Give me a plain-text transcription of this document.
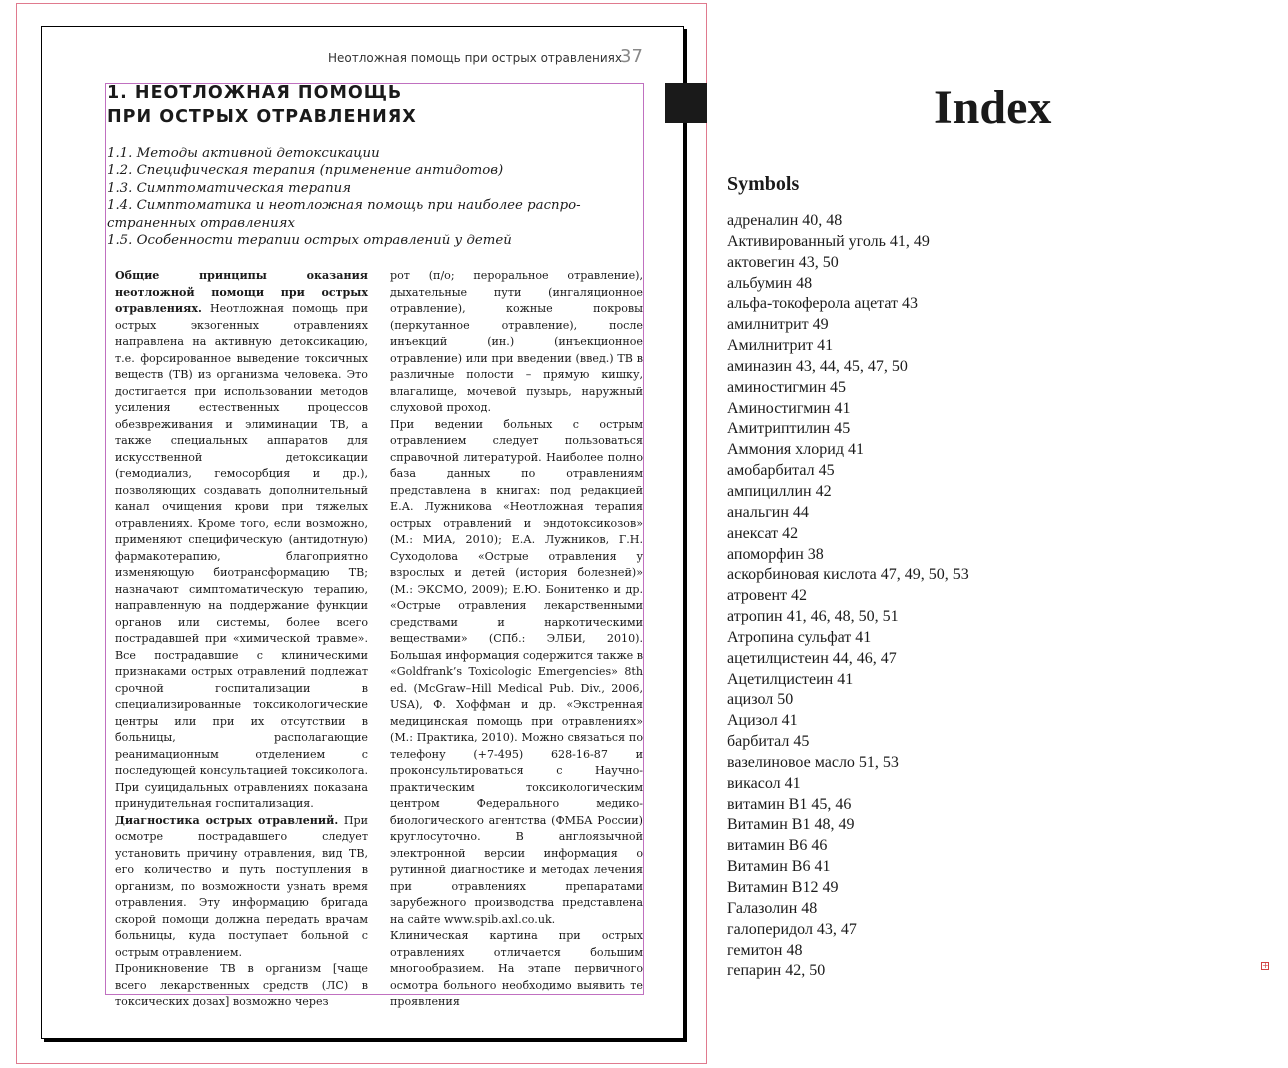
Неотложная помощь при острых отравлениях
37
1. НЕОТЛОЖНАЯ ПОМОЩЬ
ПРИ ОСТРЫХ ОТРАВЛЕНИЯХ
1.1. Методы активной детоксикации
1.2. Специфическая терапия (применение антидотов)
1.3. Симптоматическая терапия
1.4. Симптоматика и неотложная помощь при наиболее распро-
страненных отравлениях
1.5. Особенности терапии острых отравлений у детей

Общие принципы оказания неотложной помощи при острых отравлениях. Неотложная помощь при острых экзогенных отравлениях направлена на активную детоксикацию, т.е. форсированное выведение токсичных веществ (ТВ) из организма человека. Это достигается при использовании методов усиления естественных процессов обезвреживания и элиминации ТВ, а также специальных аппаратов для искусственной детоксикации (гемодиализ, гемосорбция и др.), позволяющих создавать дополнительный канал очищения крови при тяжелых отравлениях. Кроме того, если возможно, применяют специфическую (антидотную) фармакотерапию, благоприятно изменяющую биотрансформацию ТВ; назначают симптоматическую терапию, направленную на поддержание функции органов или системы, более всего пострадавшей при «химической травме». Все пострадавшие с клиническими признаками острых отравлений подлежат срочной госпитализации в специализированные токсикологические центры или при их отсутствии в больницы, располагающие реанимационным отделением с последующей консультацией токсиколога. При суицидальных отравлениях показана принудительная госпитализация.

Диагностика острых отравлений. При осмотре пострадавшего следует установить причину отравления, вид ТВ, его количество и путь поступления в организм, по возможности узнать время отравления. Эту информацию бригада скорой помощи должна передать врачам больницы, куда поступает больной с острым отравлением.

Проникновение ТВ в организм [чаще всего лекарственных средств (ЛС) в токсических дозах] возможно через

рот (п/о; пероральное отравление), дыхательные пути (ингаляционное отравление), кожные покровы (перкутанное отравление), после инъекций (ин.) (инъекционное отравление) или при введении (введ.) ТВ в различные полости – прямую кишку, влагалище, мочевой пузырь, наружный слуховой проход.

При ведении больных с острым отравлением следует пользоваться справочной литературой. Наиболее полно база данных по отравлениям представлена в книгах: под редакцией Е.А. Лужникова «Неотложная терапия острых отравлений и эндотоксикозов» (М.: МИА, 2010); Е.А. Лужников, Г.Н. Суходолова «Острые отравления у взрослых и детей (история болезней)» (М.: ЭКСМО, 2009); Е.Ю. Бонитенко и др. «Острые отравления лекарственными средствами и наркотическими веществами» (СПб.: ЭЛБИ, 2010). Большая информация содержится также в «Goldfrank’s Toxicologic Emergencies» 8th ed. (McGraw–Hill Medical Pub. Div., 2006, USA), Ф. Хоффман и др. «Экстренная медицинская помощь при отравлениях» (М.: Практика, 2010). Можно связаться по телефону (+7-495) 628-16-87 и проконсультироваться с Научно-практическим токсикологическим центром Федерального медико-биологического агентства (ФМБА России) круглосуточно. В англоязычной электронной версии информация о рутинной диагностике и методах лечения при отравлениях препаратами зарубежного производства представлена на сайте www.spib.axl.co.uk.

Клиническая картина при острых отравлениях отличается большим многообразием. На этапе первичного осмотра больного необходимо выявить те проявления

Index
Symbols
адреналин 40, 48
Активированный уголь 41, 49
актовегин 43, 50
альбумин 48
альфа-токоферола ацетат 43
амилнитрит 49
Амилнитрит 41
аминазин 43, 44, 45, 47, 50
аминостигмин 45
Аминостигмин 41
Амитриптилин 45
Аммония хлорид 41
амобарбитал 45
ампициллин 42
анальгин 44
анексат 42
апоморфин 38
аскорбиновая кислота 47, 49, 50, 53
атровент 42
атропин 41, 46, 48, 50, 51
Атропина сульфат 41
ацетилцистеин 44, 46, 47
Ацетилцистеин 41
ацизол 50
Ацизол 41
барбитал 45
вазелиновое масло 51, 53
викасол 41
витамин B1 45, 46
Витамин B1 48, 49
витамин B6 46
Витамин B6 41
Витамин B12 49
Галазолин 48
галоперидол 43, 47
гемитон 48
гепарин 42, 50	+
